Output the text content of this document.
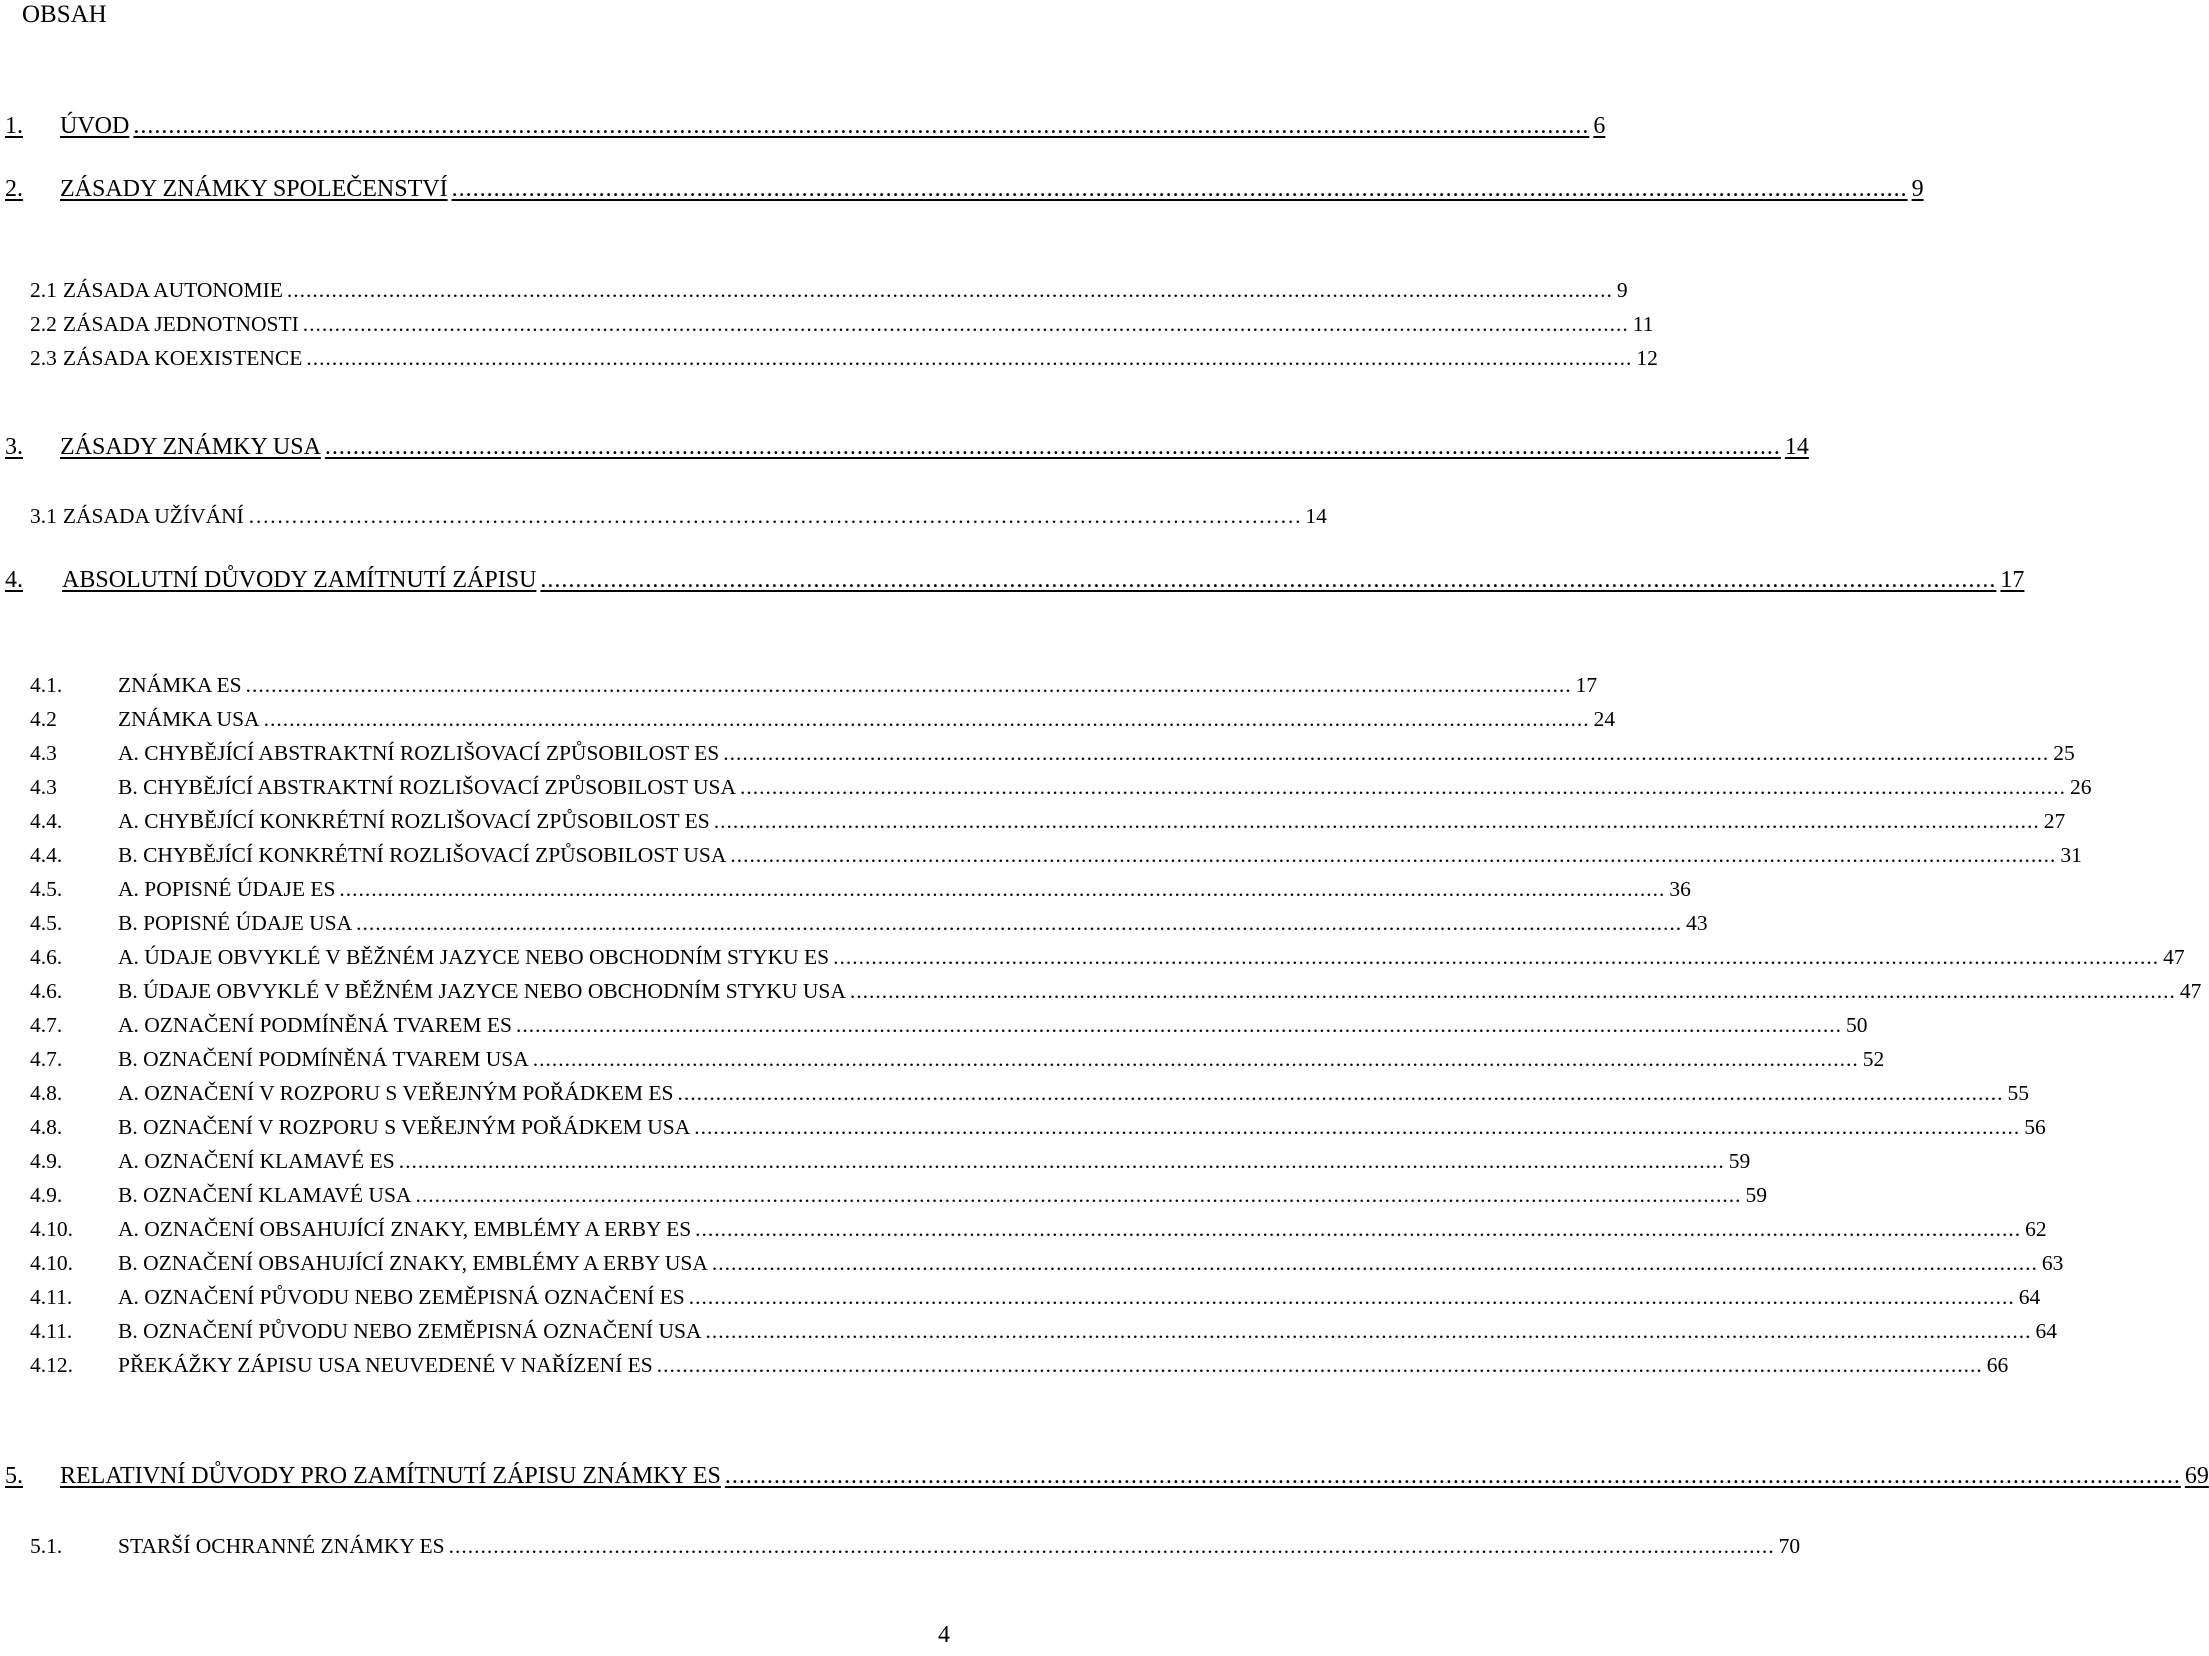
OBSAH
1.	ÚVOD .....	6
2.	ZÁSADY ZNÁMKY SPOLEČENSTVÍ .....	9
2.1 ZÁSADA AUTONOMIE .....	9
2.2 ZÁSADA JEDNOTNOSTI .....	11
2.3 ZÁSADA KOEXISTENCE .....	12
3.	ZÁSADY ZNÁMKY USA .....	14
3.1 ZÁSADA UŽÍVÁNÍ …………………………………………………………………………………………………………………………………	14
4.	ABSOLUTNÍ DŮVODY ZAMÍTNUTÍ ZÁPISU .....	17
4.1.	ZNÁMKA ES .....	17
4.2	ZNÁMKA USA .....	24
4.3	A. CHYBĚJÍCÍ ABSTRAKTNÍ ROZLIŠOVACÍ ZPŮSOBILOST ES .....	25
4.3	B. CHYBĚJÍCÍ ABSTRAKTNÍ ROZLIŠOVACÍ ZPŮSOBILOST USA .....	26
4.4.	A. CHYBĚJÍCÍ KONKRÉTNÍ ROZLIŠOVACÍ ZPŮSOBILOST ES .....	27
4.4.	B. CHYBĚJÍCÍ KONKRÉTNÍ ROZLIŠOVACÍ ZPŮSOBILOST USA .....	31
4.5.	A. POPISNÉ ÚDAJE ES .....	36
4.5.	B. POPISNÉ ÚDAJE USA .....	43
4.6.	A. ÚDAJE OBVYKLÉ V BĚŽNÉM JAZYCE NEBO OBCHODNÍM STYKU ES .....	47
4.6.	B. ÚDAJE OBVYKLÉ V BĚŽNÉM JAZYCE NEBO OBCHODNÍM STYKU USA .....	47
4.7.	A. OZNAČENÍ PODMÍNĚNÁ TVAREM ES .....	50
4.7.	B. OZNAČENÍ PODMÍNĚNÁ TVAREM USA .....	52
4.8.	A. OZNAČENÍ V ROZPORU S VEŘEJNÝM POŘÁDKEM ES .....	55
4.8.	B. OZNAČENÍ V ROZPORU S VEŘEJNÝM POŘÁDKEM USA .....	56
4.9.	A. OZNAČENÍ KLAMAVÉ ES .....	59
4.9.	B. OZNAČENÍ KLAMAVÉ USA .....	59
4.10.	A. OZNAČENÍ OBSAHUJÍCÍ ZNAKY, EMBLÉMY A ERBY ES .....	62
4.10.	B. OZNAČENÍ OBSAHUJÍCÍ ZNAKY, EMBLÉMY A ERBY USA .....	63
4.11.	A. OZNAČENÍ PŮVODU NEBO ZEMĚPISNÁ OZNAČENÍ ES .....	64
4.11.	B. OZNAČENÍ PŮVODU NEBO ZEMĚPISNÁ OZNAČENÍ USA .....	64
4.12.	PŘEKÁŽKY ZÁPISU USA NEUVEDENÉ V NAŘÍZENÍ ES .....	66
5.	RELATIVNÍ DŮVODY PRO ZAMÍTNUTÍ ZÁPISU ZNÁMKY ES .....	69
5.1.	STARŠÍ OCHRANNÉ ZNÁMKY ES .....	70
4
